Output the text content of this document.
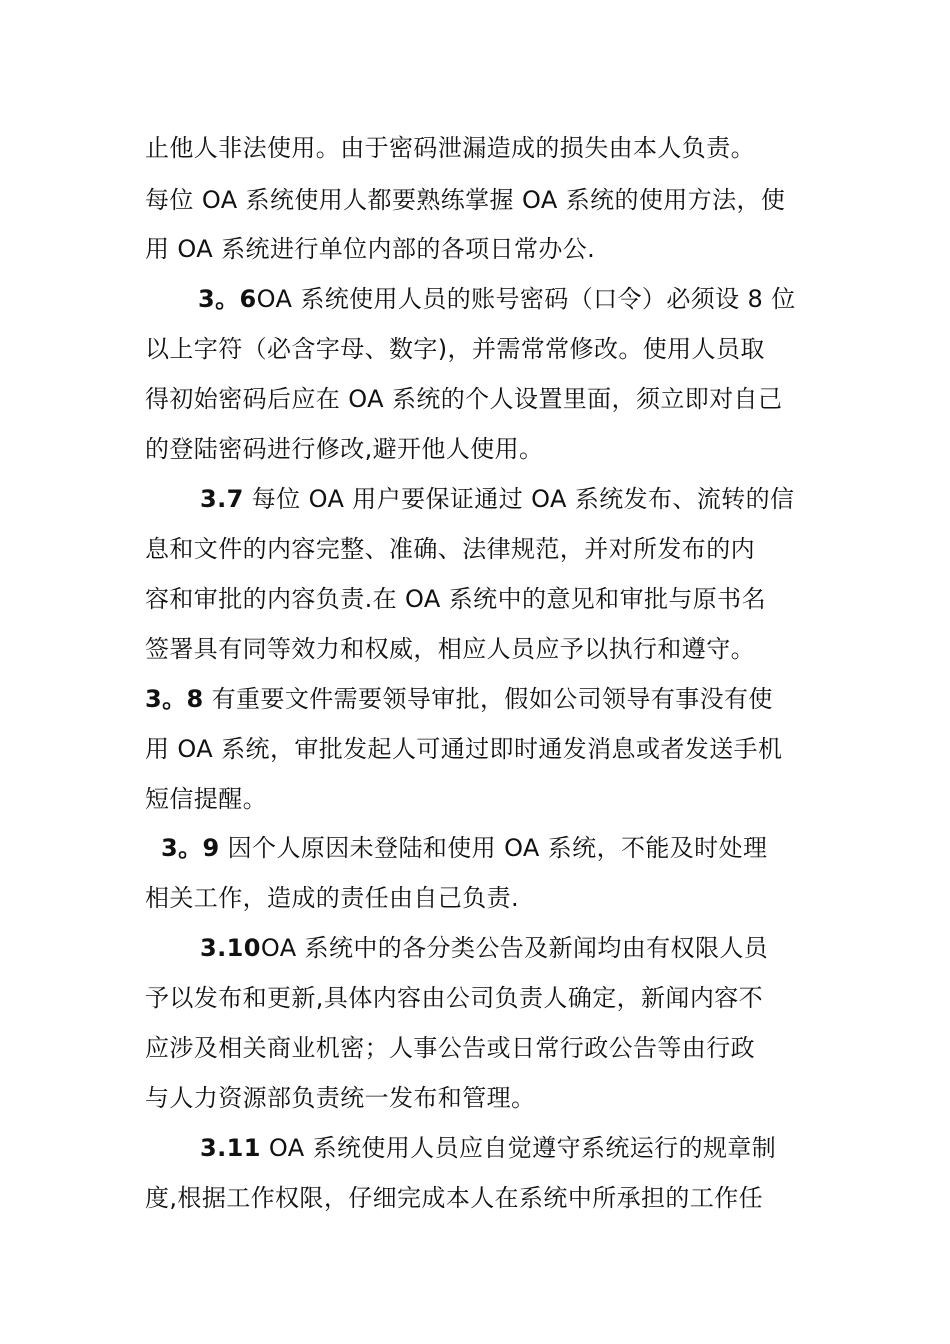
止他人非法使用。由于密码泄漏造成的损失由本人负责。
每位 OA 系统使用人都要熟练掌握 OA 系统的使用方法，使
用 OA 系统进行单位内部的各项日常办公.
3。6OA 系统使用人员的账号密码（口令）必须设 8 位
以上字符（必含字母、数字)，并需常常修改。使用人员取
得初始密码后应在 OA 系统的个人设置里面，须立即对自己
的登陆密码进行修改,避开他人使用。
3.7 每位 OA 用户要保证通过 OA 系统发布、流转的信
息和文件的内容完整、准确、法律规范，并对所发布的内
容和审批的内容负责.在 OA 系统中的意见和审批与原书名
签署具有同等效力和权威，相应人员应予以执行和遵守。
3。8 有重要文件需要领导审批，假如公司领导有事没有使
用 OA 系统，审批发起人可通过即时通发消息或者发送手机
短信提醒。
3。9 因个人原因未登陆和使用 OA 系统，不能及时处理
相关工作，造成的责任由自己负责.
3.10OA 系统中的各分类公告及新闻均由有权限人员
予以发布和更新,具体内容由公司负责人确定，新闻内容不
应涉及相关商业机密；人事公告或日常行政公告等由行政
与人力资源部负责统一发布和管理。
3.11 OA 系统使用人员应自觉遵守系统运行的规章制
度,根据工作权限，仔细完成本人在系统中所承担的工作任
